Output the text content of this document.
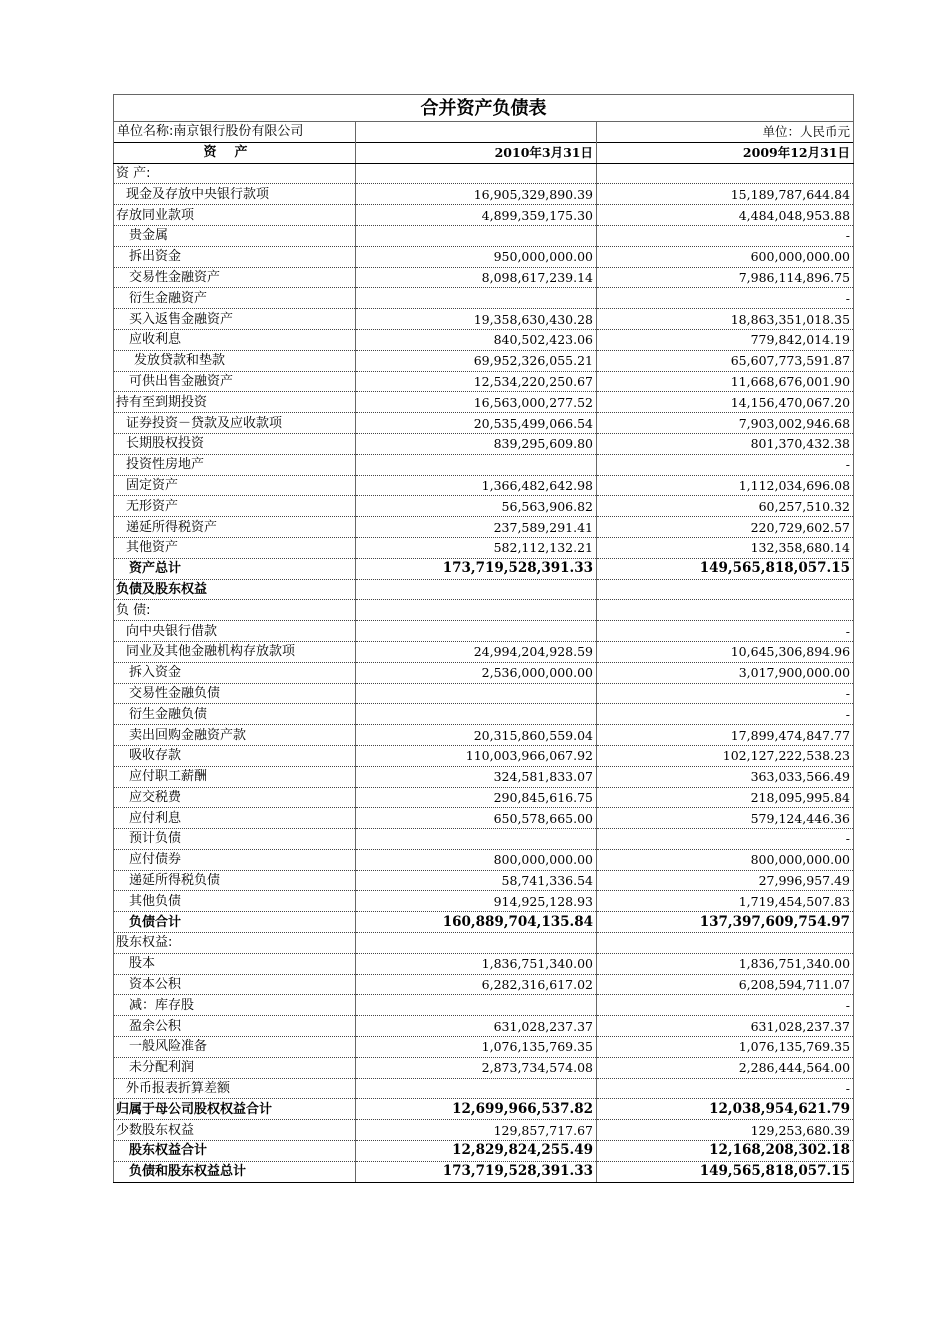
合并资产负债表		
单位名称:南京银行股份有限公司		单位：人民币元
资产	2010年3月31日	2009年12月31日
资 产:		
现金及存放中央银行款项	16,905,329,890.39	15,189,787,644.84
存放同业款项	4,899,359,175.30	4,484,048,953.88
贵金属		-
拆出资金	950,000,000.00	600,000,000.00
交易性金融资产	8,098,617,239.14	7,986,114,896.75
衍生金融资产		-
买入返售金融资产	19,358,630,430.28	18,863,351,018.35
应收利息	840,502,423.06	779,842,014.19
发放贷款和垫款	69,952,326,055.21	65,607,773,591.87
可供出售金融资产	12,534,220,250.67	11,668,676,001.90
持有至到期投资	16,563,000,277.52	14,156,470,067.20
证券投资－贷款及应收款项	20,535,499,066.54	7,903,002,946.68
长期股权投资	839,295,609.80	801,370,432.38
投资性房地产		-
固定资产	1,366,482,642.98	1,112,034,696.08
无形资产	56,563,906.82	60,257,510.32
递延所得税资产	237,589,291.41	220,729,602.57
其他资产	582,112,132.21	132,358,680.14
资产总计	173,719,528,391.33	149,565,818,057.15
负债及股东权益		
负 债:		
向中央银行借款		-
同业及其他金融机构存放款项	24,994,204,928.59	10,645,306,894.96
拆入资金	2,536,000,000.00	3,017,900,000.00
交易性金融负债		-
衍生金融负债		-
卖出回购金融资产款	20,315,860,559.04	17,899,474,847.77
吸收存款	110,003,966,067.92	102,127,222,538.23
应付职工薪酬	324,581,833.07	363,033,566.49
应交税费	290,845,616.75	218,095,995.84
应付利息	650,578,665.00	579,124,446.36
预计负债		-
应付债券	800,000,000.00	800,000,000.00
递延所得税负债	58,741,336.54	27,996,957.49
其他负债	914,925,128.93	1,719,454,507.83
负债合计	160,889,704,135.84	137,397,609,754.97
股东权益:		
股本	1,836,751,340.00	1,836,751,340.00
资本公积	6,282,316,617.02	6,208,594,711.07
减：库存股		-
盈余公积	631,028,237.37	631,028,237.37
一般风险准备	1,076,135,769.35	1,076,135,769.35
未分配利润	2,873,734,574.08	2,286,444,564.00
外币报表折算差额		-
归属于母公司股权权益合计	12,699,966,537.82	12,038,954,621.79
少数股东权益	129,857,717.67	129,253,680.39
股东权益合计	12,829,824,255.49	12,168,208,302.18
负债和股东权益总计	173,719,528,391.33	149,565,818,057.15
